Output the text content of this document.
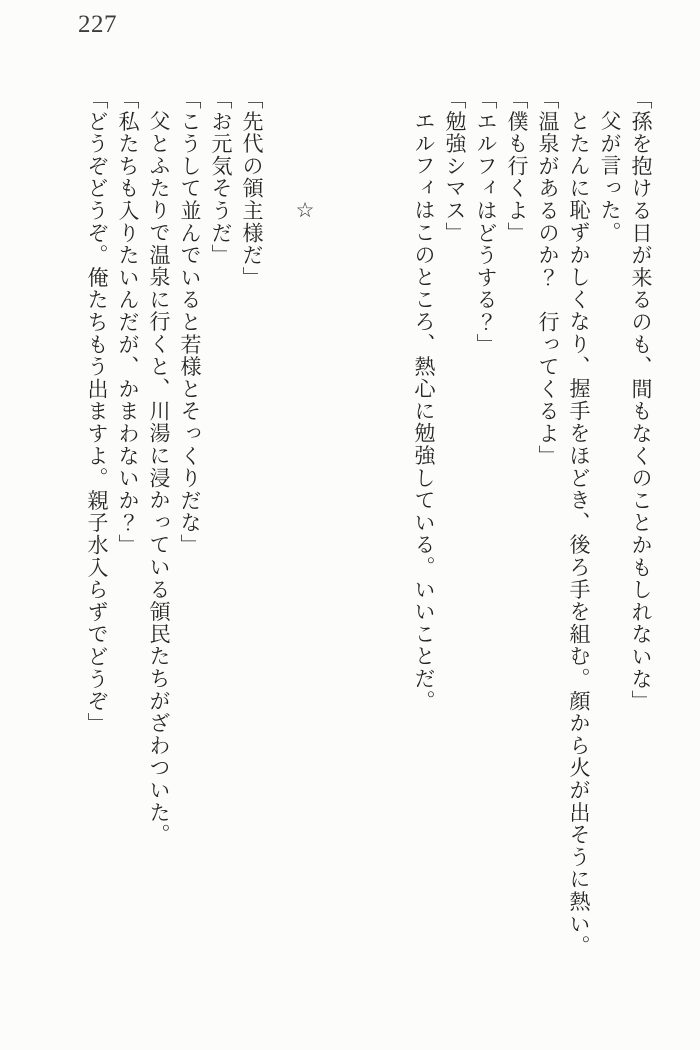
227

「孫を抱ける日が来るのも、間もなくのことかもしれないな」

父が言った。

とたんに恥ずかしくなり、握手をほどき、後ろ手を組む。顔から火が出そうに熱い。

「温泉があるのか？　行ってくるよ」

「僕も行くよ」

「エルフィはどうする？」

「勉強シマス」

エルフィはこのところ、熱心に勉強している。いいことだ。

☆

「先代の領主様だ」

「お元気そうだ」

「こうして並んでいると若様とそっくりだな」

父とふたりで温泉に行くと、川湯に浸かっている領民たちがざわついた。

「私たちも入りたいんだが、かまわないか？」

「どうぞどうぞ。俺たちもう出ますよ。親子水入らずでどうぞ」
